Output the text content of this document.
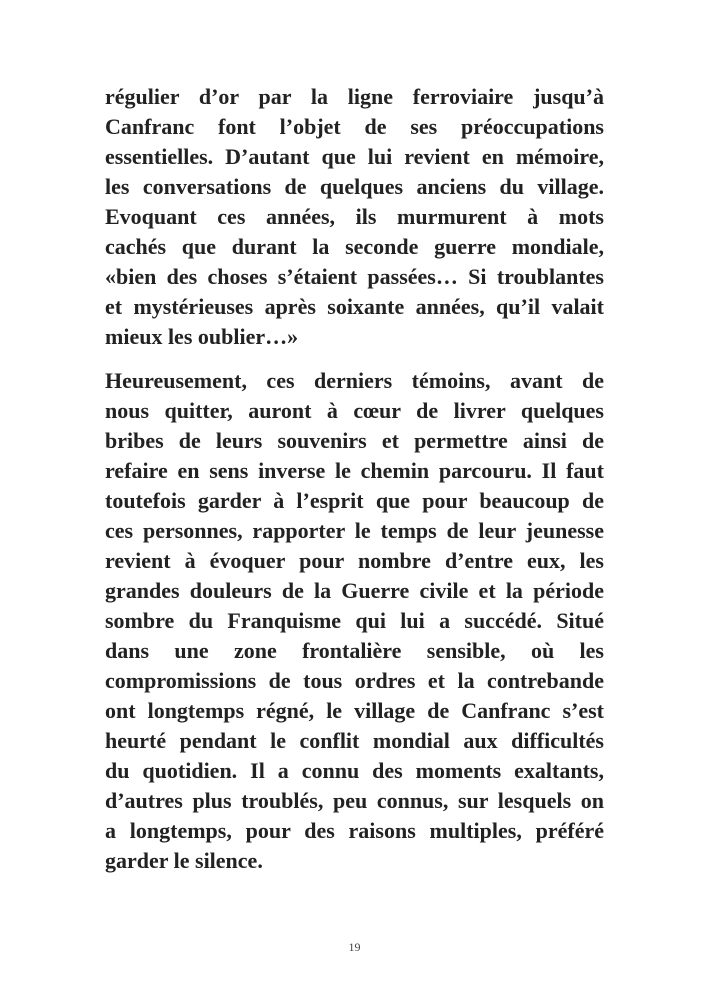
régulier d’or par la ligne ferroviaire jusqu’à
Canfranc font l’objet de ses préoccupations
essentielles. D’autant que lui revient en mémoire,
les conversations de quelques anciens du village.
Evoquant ces années, ils murmurent à mots
cachés que durant la seconde guerre mondiale,
«bien des choses s’étaient passées… Si troublantes
et mystérieuses après soixante années, qu’il valait
mieux les oublier…»
Heureusement, ces derniers témoins, avant de
nous quitter, auront à cœur de livrer quelques
bribes de leurs souvenirs et permettre ainsi de
refaire en sens inverse le chemin parcouru. Il faut
toutefois garder à l’esprit que pour beaucoup de
ces personnes, rapporter le temps de leur jeunesse
revient à évoquer pour nombre d’entre eux, les
grandes douleurs de la Guerre civile et la période
sombre du Franquisme qui lui a succédé. Situé
dans une zone frontalière sensible, où les
compromissions de tous ordres et la contrebande
ont longtemps régné, le village de Canfranc s’est
heurté pendant le conflit mondial aux difficultés
du quotidien. Il a connu des moments exaltants,
d’autres plus troublés, peu connus, sur lesquels on
a longtemps, pour des raisons multiples, préféré
garder le silence.
19
